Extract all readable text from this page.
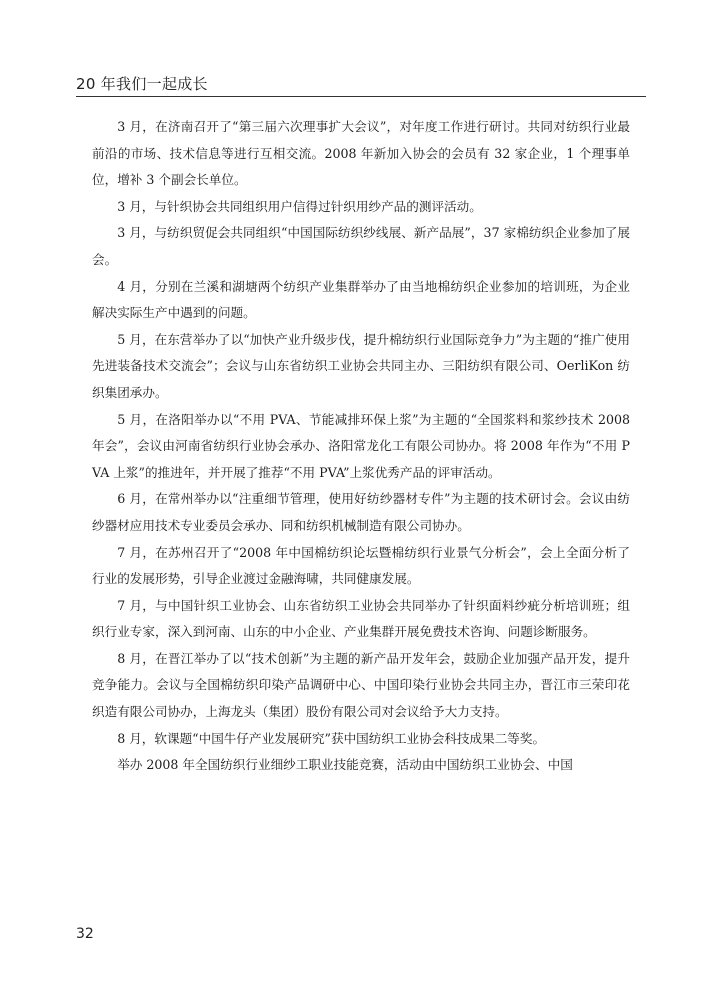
20 年我们一起成长

3 月，在济南召开了“第三届六次理事扩大会议”，对年度工作进行研讨。共同对纺织行业最前沿的市场、技术信息等进行互相交流。2008 年新加入协会的会员有 32 家企业，1 个理事单位，增补 3 个副会长单位。

3 月，与针织协会共同组织用户信得过针织用纱产品的测评活动。

3 月，与纺织贸促会共同组织“中国国际纺织纱线展、新产品展”，37 家棉纺织企业参加了展会。

4 月，分别在兰溪和湖塘两个纺织产业集群举办了由当地棉纺织企业参加的培训班，为企业解决实际生产中遇到的问题。

5 月，在东营举办了以“加快产业升级步伐，提升棉纺织行业国际竞争力”为主题的“推广使用先进装备技术交流会”；会议与山东省纺织工业协会共同主办、三阳纺织有限公司、OerliKon 纺织集团承办。

5 月，在洛阳举办以“不用 PVA、节能减排环保上浆”为主题的“全国浆料和浆纱技术 2008 年会”，会议由河南省纺织行业协会承办、洛阳常龙化工有限公司协办。将 2008 年作为“不用 PVA 上浆”的推进年，并开展了推荐“不用 PVA”上浆优秀产品的评审活动。

6 月，在常州举办以“注重细节管理，使用好纺纱器材专件”为主题的技术研讨会。会议由纺纱器材应用技术专业委员会承办、同和纺织机械制造有限公司协办。

7 月，在苏州召开了“2008 年中国棉纺织论坛暨棉纺织行业景气分析会”，会上全面分析了行业的发展形势，引导企业渡过金融海啸，共同健康发展。

7 月，与中国针织工业协会、山东省纺织工业协会共同举办了针织面料纱疵分析培训班；组织行业专家，深入到河南、山东的中小企业、产业集群开展免费技术咨询、问题诊断服务。

8 月，在晋江举办了以“技术创新”为主题的新产品开发年会，鼓励企业加强产品开发，提升竞争能力。会议与全国棉纺织印染产品调研中心、中国印染行业协会共同主办，晋江市三荣印花织造有限公司协办，上海龙头（集团）股份有限公司对会议给予大力支持。

8 月，软课题“中国牛仔产业发展研究”获中国纺织工业协会科技成果二等奖。

举办 2008 年全国纺织行业细纱工职业技能竞赛，活动由中国纺织工业协会、中国

32
